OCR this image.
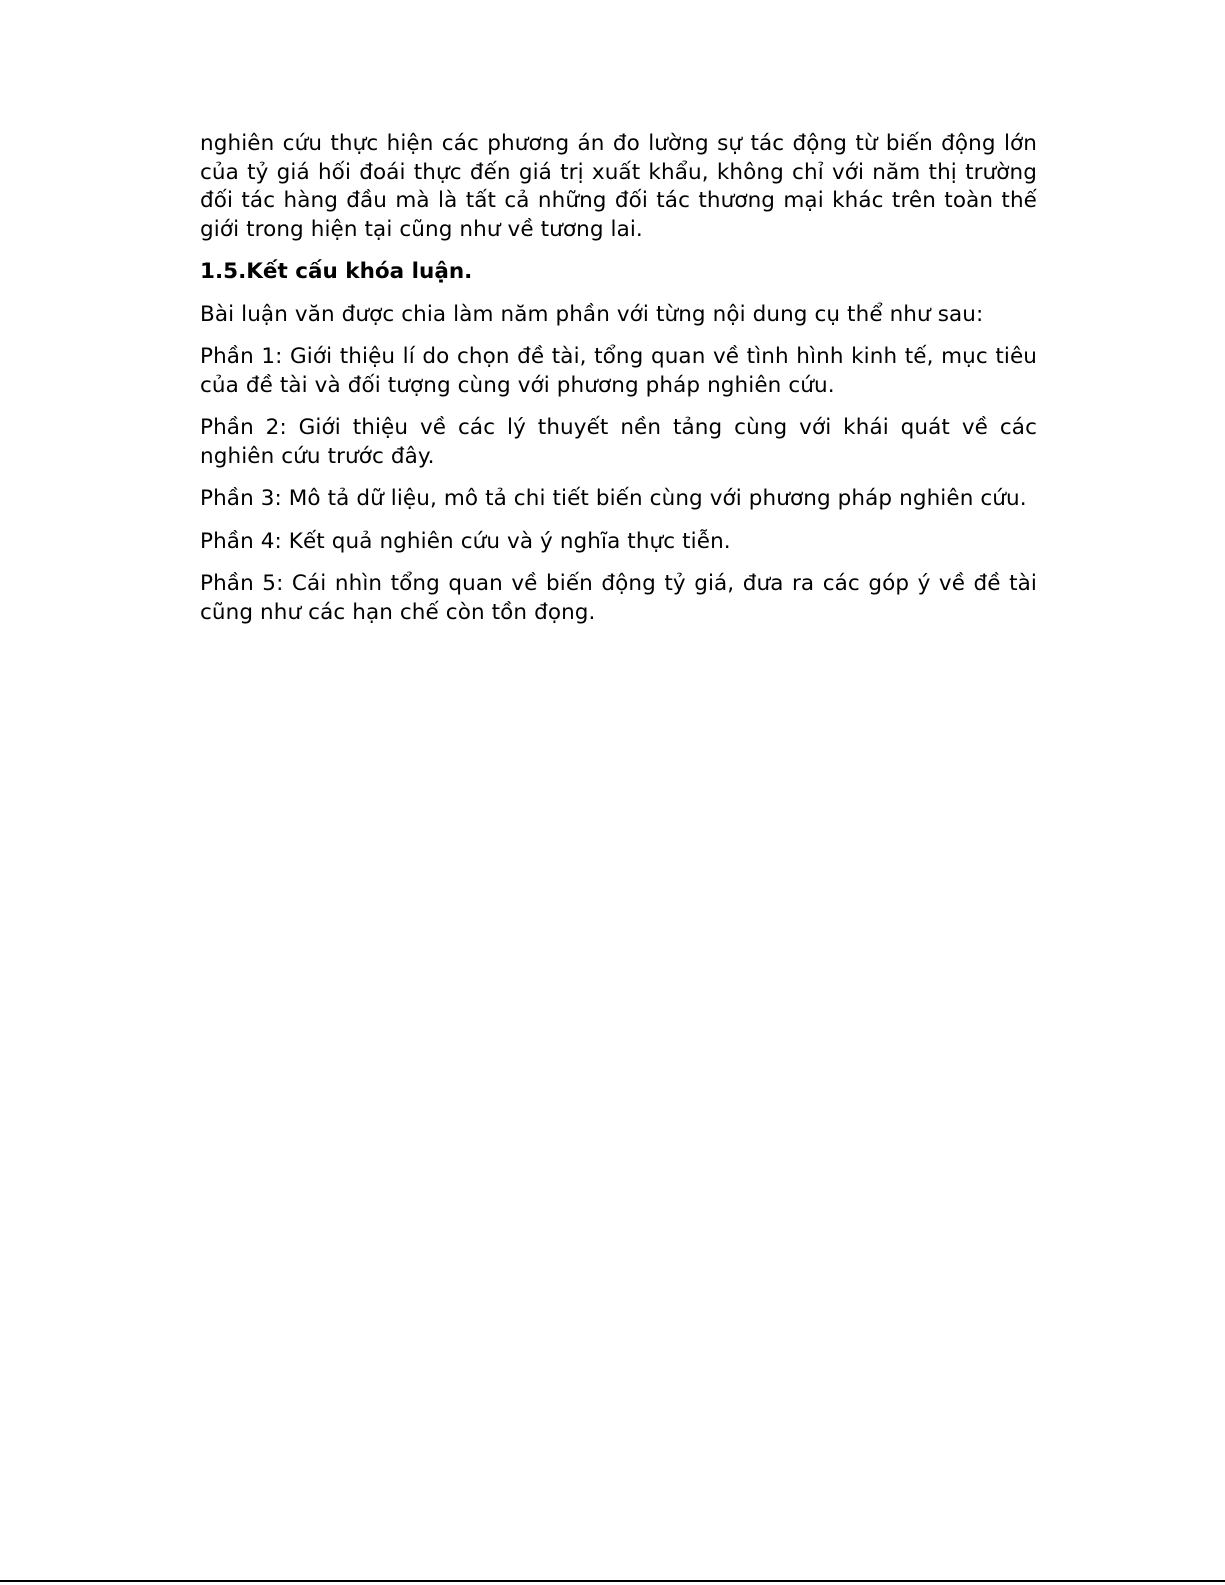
nghiên cứu thực hiện các phương án đo lường sự tác động từ biến động lớn của tỷ giá hối đoái thực đến giá trị xuất khẩu, không chỉ với năm thị trường đối tác hàng đầu mà là tất cả những đối tác thương mại khác trên toàn thế giới trong hiện tại cũng như về tương lai.

1.5.Kết cấu khóa luận.

Bài luận văn được chia làm năm phần với từng nội dung cụ thể như sau:

Phần 1: Giới thiệu lí do chọn đề tài, tổng quan về tình hình kinh tế, mục tiêu của đề tài và đối tượng cùng với phương pháp nghiên cứu.

Phần 2: Giới thiệu về các lý thuyết nền tảng cùng với khái quát về các nghiên cứu trước đây.

Phần 3: Mô tả dữ liệu, mô tả chi tiết biến cùng với phương pháp nghiên cứu.

Phần 4: Kết quả nghiên cứu và ý nghĩa thực tiễn.

Phần 5: Cái nhìn tổng quan về biến động tỷ giá, đưa ra các góp ý về đề tài cũng như các hạn chế còn tồn đọng.
